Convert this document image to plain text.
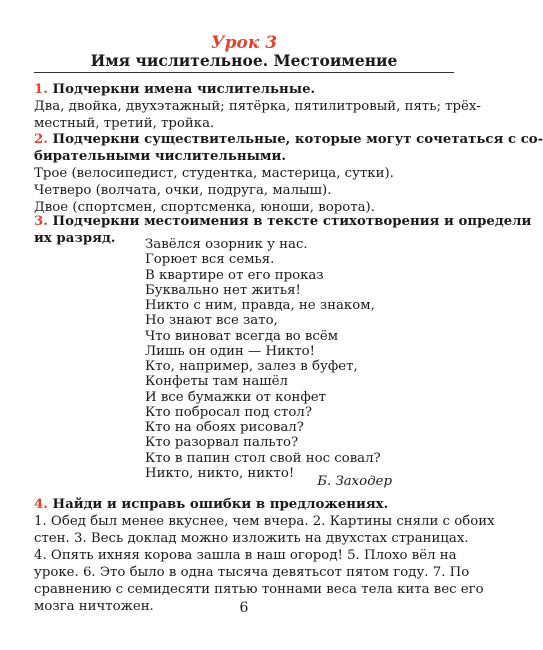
Урок 3
Имя числительное. Местоимение
1. Подчеркни имена числительные.
Два, двойка, двухэтажный; пятёрка, пятилитровый, пять; трёх-
местный, третий, тройка.
2. Подчеркни существительные, которые могут сочетаться с со-
бирательными числительными.
Трое (велосипедист, студентка, мастерица, сутки).
Четверо (волчата, очки, подруга, малыш).
Двое (спортсмен, спортсменка, юноши, ворота).
3. Подчеркни местоимения в тексте стихотворения и определи
их разряд.	Завёлся озорник у нас.
Горюет вся семья.
В квартире от его проказ
Буквально нет житья!
Никто с ним, правда, не знаком,
Но знают все зато,
Что виноват всегда во всём
Лишь он один — Никто!
Кто, например, залез в буфет,
Конфеты там нашёл
И все бумажки от конфет
Кто побросал под стол?
Кто на обоях рисовал?
Кто разорвал пальто?
Кто в папин стол свой нос совал?
Никто, никто, никто!
Б. Заходер
4. Найди и исправь ошибки в предложениях.
1. Обед был менее вкуснее, чем вчера. 2. Картины сняли с обоих
стен. 3. Весь доклад можно изложить на двухстах страницах.
4. Опять ихняя корова зашла в наш огород! 5. Плохо вёл на
уроке. 6. Это было в одна тысяча девятьсот пятом году. 7. По
сравнению с семидесяти пятью тоннами веса тела кита вес его
мозга ничтожен.	6
